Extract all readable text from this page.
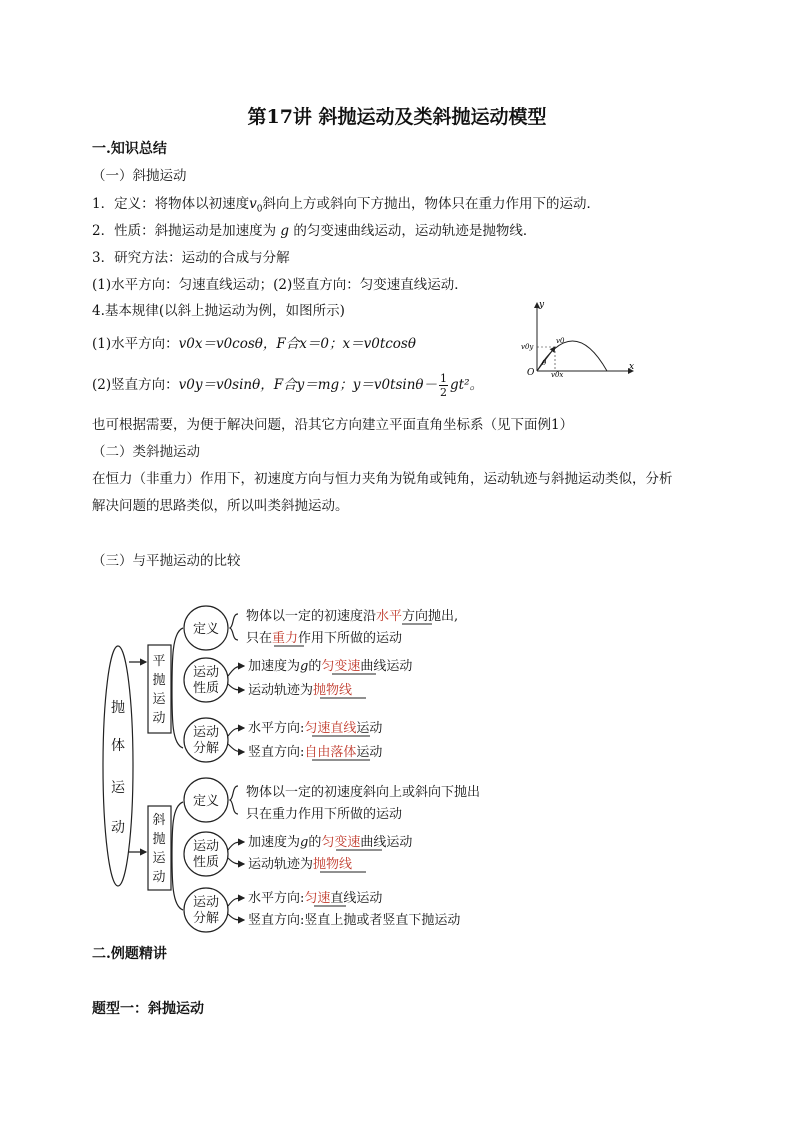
第17讲 斜抛运动及类斜抛运动模型
一.知识总结
（一）斜抛运动
1．定义：将物体以初速度$v_0$斜向上方或斜向下方抛出，物体只在重力作用下的运动．
2．性质：斜抛运动是加速度为 g 的匀变速曲线运动，运动轨迹是抛物线．
3．研究方法：运动的合成与分解
(1)水平方向：匀速直线运动；(2)竖直方向：匀变速直线运动．
4.基本规律(以斜上抛运动为例，如图所示)
(1)水平方向：v0x＝v0cosθ，F合x＝0；x＝v0tcosθ
(2)竖直方向：v0y＝v0sinθ，F合y＝mg；$y=v0tsin\theta- \frac{1}{2} gt^2$。
y
x
O
v0
v0y
v0x
θ
也可根据需要，为便于解决问题，沿其它方向建立平面直角坐标系（见下面例1）
（二）类斜抛运动
在恒力（非重力）作用下，初速度方向与恒力夹角为锐角或钝角，运动轨迹与斜抛运动类似，分析
解决问题的思路类似，所以叫类斜抛运动。
（三）与平抛运动的比较
抛
体
运
动
平
抛
运
动
斜
抛
运
动
定义
运动
性质
运动
分解
定义
运动
性质
运动
分解
物体以一定的初速度沿水平方向抛出,
只在重力作用下所做的运动
加速度为g的匀变速曲线运动
运动轨迹为抛物线
水平方向:匀速直线运动
竖直方向:自由落体运动
物体以一定的初速度斜向上或斜向下抛出
只在重力作用下所做的运动
加速度为g的匀变速曲线运动
运动轨迹为抛物线
水平方向:匀速直线运动
竖直方向:竖直上抛或者竖直下抛运动
二.例题精讲
题型一：斜抛运动
